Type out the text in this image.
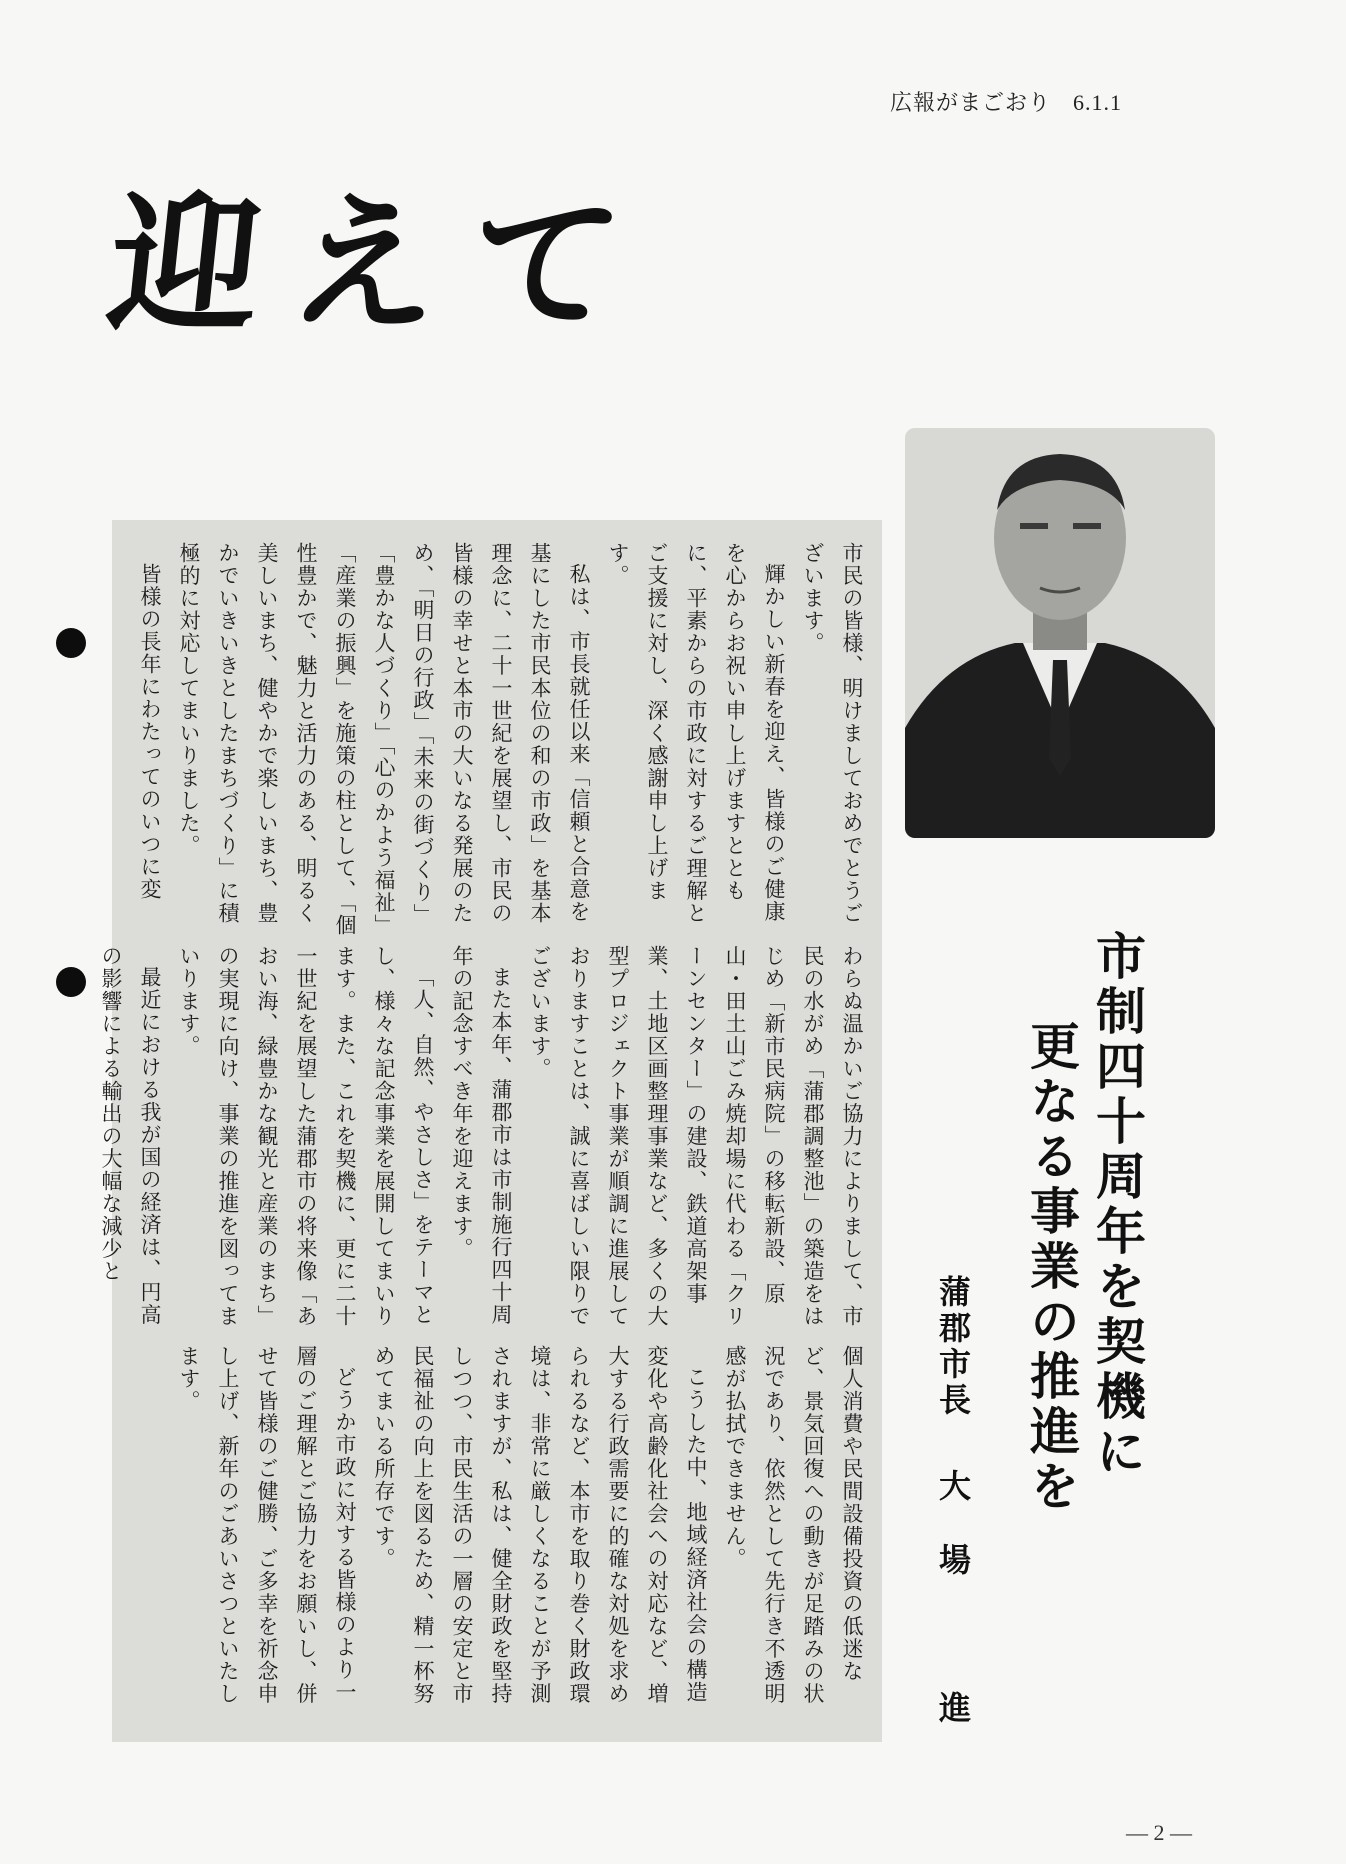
広報がまごおり 6.1.1
迎えて

市民の皆様、明けましておめでとうございます。

輝かしい新春を迎え、皆様のご健康を心からお祝い申し上げますとともに、平素からの市政に対するご理解とご支援に対し、深く感謝申し上げます。

私は、市長就任以来「信頼と合意を基にした市民本位の和の市政」を基本理念に、二十一世紀を展望し、市民の皆様の幸せと本市の大いなる発展のため、「明日の行政」「未来の街づくり」「豊かな人づくり」「心のかよう福祉」「産業の振興」を施策の柱として、「個性豊かで、魅力と活力のある、明るく美しいまち、健やかで楽しいまち、豊かでいきいきとしたまちづくり」に積極的に対応してまいりました。

皆様の長年にわたってのいつに変

わらぬ温かいご協力によりまして、市民の水がめ「蒲郡調整池」の築造をはじめ「新市民病院」の移転新設、原山・田土山ごみ焼却場に代わる「クリーンセンター」の建設、鉄道高架事業、土地区画整理事業など、多くの大型プロジェクト事業が順調に進展しておりますことは、誠に喜ばしい限りでございます。

また本年、蒲郡市は市制施行四十周年の記念すべき年を迎えます。

「人、自然、やさしさ」をテーマとし、様々な記念事業を展開してまいります。また、これを契機に、更に二十一世紀を展望した蒲郡市の将来像「あおい海、緑豊かな観光と産業のまち」の実現に向け、事業の推進を図ってまいります。

最近における我が国の経済は、円高の影響による輸出の大幅な減少と

個人消費や民間設備投資の低迷など、景気回復への動きが足踏みの状況であり、依然として先行き不透明感が払拭できません。

こうした中、地域経済社会の構造変化や高齢化社会への対応など、増大する行政需要に的確な対処を求められるなど、本市を取り巻く財政環境は、非常に厳しくなることが予測されますが、私は、健全財政を堅持しつつ、市民生活の一層の安定と市民福祉の向上を図るため、精一杯努めてまいる所存です。

どうか市政に対する皆様のより一層のご理解とご協力をお願いし、併せて皆様のご健勝、ご多幸を祈念申し上げ、新年のごあいさつといたします。	市制四十周年を契機に
更なる事業の推進を
蒲郡市長大場　進
— 2 —
